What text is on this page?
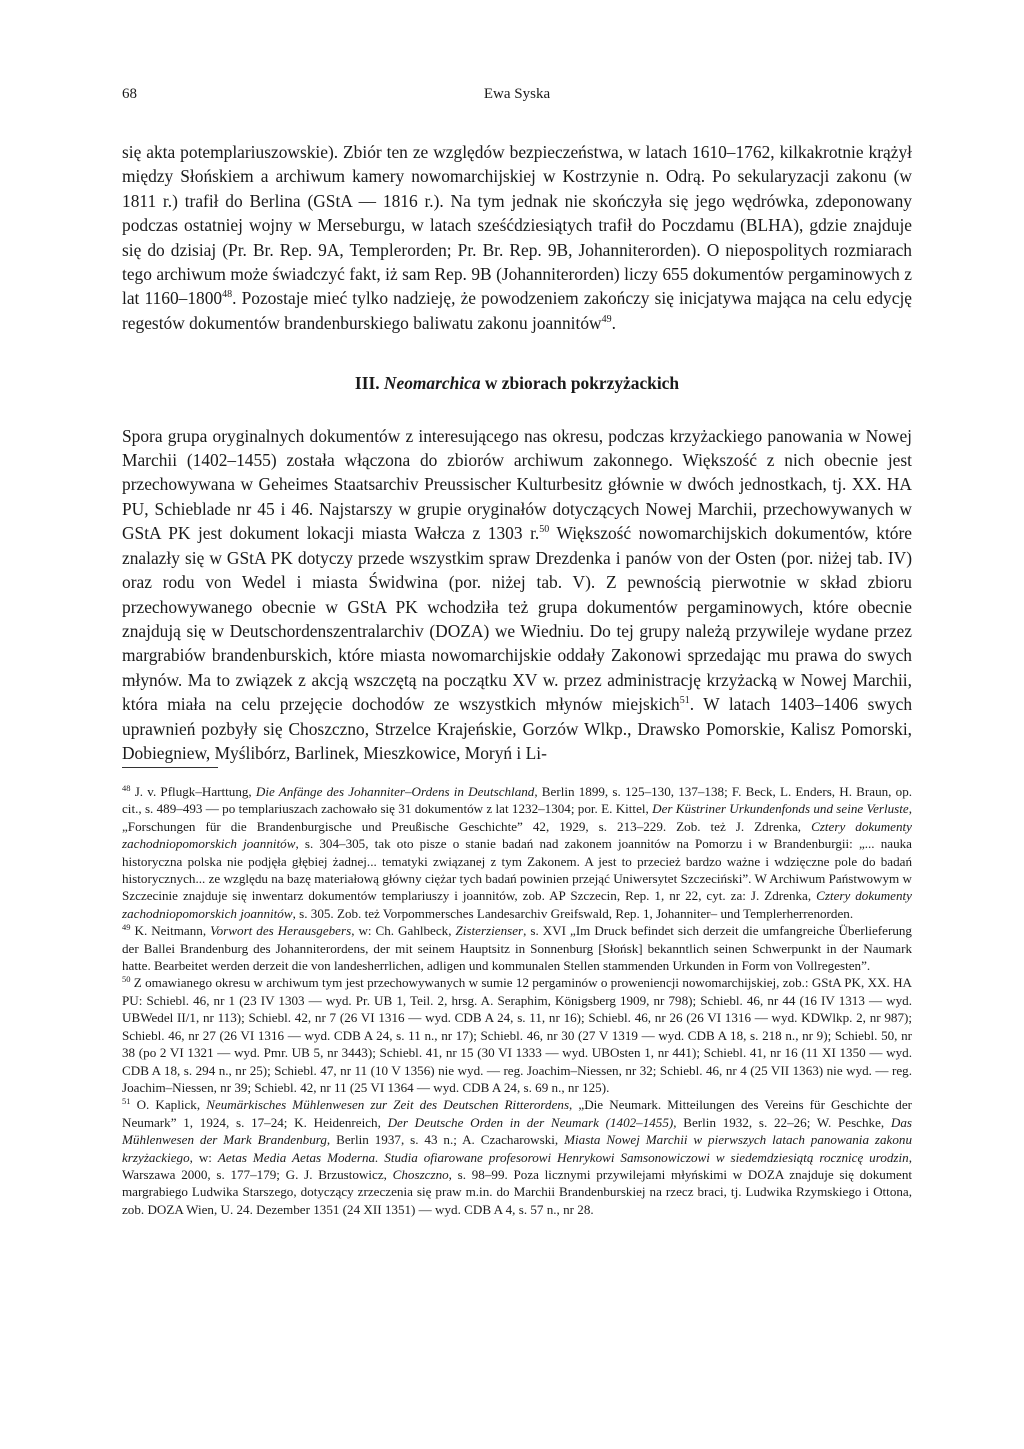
68	Ewa Syska

się akta potemplariuszowskie). Zbiór ten ze względów bezpieczeństwa, w latach 1610–1762, kilkakrotnie krążył między Słońskiem a archiwum kamery nowomarchijskiej w Kostrzynie n. Odrą. Po sekularyzacji zakonu (w 1811 r.) trafił do Berlina (GStA — 1816 r.). Na tym jednak nie skończyła się jego wędrówka, zdeponowany podczas ostatniej wojny w Merseburgu, w latach sześćdziesiątych trafił do Poczdamu (BLHA), gdzie znajduje się do dzisiaj (Pr. Br. Rep. 9A, Templerorden; Pr. Br. Rep. 9B, Johanniterorden). O niepospolitych rozmiarach tego archiwum może świadczyć fakt, iż sam Rep. 9B (Johanniterorden) liczy 655 dokumentów pergaminowych z lat 1160–1800$^{48}$. Pozostaje mieć tylko nadzieję, że powodzeniem zakończy się inicjatywa mająca na celu edycję regestów dokumentów brandenburskiego baliwatu zakonu joannitów$^{49}$.

III. Neomarchica w zbiorach pokrzyżackich

Spora grupa oryginalnych dokumentów z interesującego nas okresu, podczas krzyżackiego panowania w Nowej Marchii (1402–1455) została włączona do zbiorów archiwum zakonnego. Większość z nich obecnie jest przechowywana w Geheimes Staatsarchiv Preussischer Kulturbesitz głównie w dwóch jednostkach, tj. XX. HA PU, Schieblade nr 45 i 46. Najstarszy w grupie oryginałów dotyczących Nowej Marchii, przechowywanych w GStA PK jest dokument lokacji miasta Wałcza z 1303 r.$^{50}$ Większość nowomarchijskich dokumentów, które znalazły się w GStA PK dotyczy przede wszystkim spraw Drezdenka i panów von der Osten (por. niżej tab. IV) oraz rodu von Wedel i miasta Świdwina (por. niżej tab. V). Z pewnością pierwotnie w skład zbioru przechowywanego obecnie w GStA PK wchodziła też grupa dokumentów pergaminowych, które obecnie znajdują się w Deutschordenszentralarchiv (DOZA) we Wiedniu. Do tej grupy należą przywileje wydane przez margrabiów brandenburskich, które miasta nowomarchijskie oddały Zakonowi sprzedając mu prawa do swych młynów. Ma to związek z akcją wszczętą na początku XV w. przez administrację krzyżacką w Nowej Marchii, która miała na celu przejęcie dochodów ze wszystkich młynów miejskich$^{51}$. W latach 1403–1406 swych uprawnień pozbyły się Choszczno, Strzelce Krajeńskie, Gorzów Wlkp., Drawsko Pomorskie, Kalisz Pomorski, Dobiegniew, Myślibórz, Barlinek, Mieszkowice, Moryń i Li-

$^{48}$ J. v. Pflugk–Harttung, Die Anfänge des Johanniter–Ordens in Deutschland, Berlin 1899, s. 125–130, 137–138; F. Beck, L. Enders, H. Braun, op. cit., s. 489–493 — po templariuszach zachowało się 31 dokumentów z lat 1232–1304; por. E. Kittel, Der Küstriner Urkundenfonds und seine Verluste, „Forschungen für die Brandenburgische und Preußische Geschichte” 42, 1929, s. 213–229. Zob. też J. Zdrenka, Cztery dokumenty zachodniopomorskich joannitów, s. 304–305, tak oto pisze o stanie badań nad zakonem joannitów na Pomorzu i w Brandenburgii: „... nauka historyczna polska nie podjęła głębiej żadnej... tematyki związanej z tym Zakonem. A jest to przecież bardzo ważne i wdzięczne pole do badań historycznych... ze względu na bazę materiałową główny ciężar tych badań powinien przejąć Uniwersytet Szczeciński”. W Archiwum Państwowym w Szczecinie znajduje się inwentarz dokumentów templariuszy i joannitów, zob. AP Szczecin, Rep. 1, nr 22, cyt. za: J. Zdrenka, Cztery dokumenty zachodniopomorskich joannitów, s. 305. Zob. też Vorpommersches Landesarchiv Greifswald, Rep. 1, Johanniter– und Templerherrenorden.

$^{49}$ K. Neitmann, Vorwort des Herausgebers, w: Ch. Gahlbeck, Zisterzienser, s. XVI „Im Druck befindet sich derzeit die umfangreiche Überlieferung der Ballei Brandenburg des Johanniterordens, der mit seinem Hauptsitz in Sonnenburg [Słońsk] bekanntlich seinen Schwerpunkt in der Naumark hatte. Bearbeitet werden derzeit die von landesherrlichen, adligen und kommunalen Stellen stammenden Urkunden in Form von Vollregesten”.

$^{50}$ Z omawianego okresu w archiwum tym jest przechowywanych w sumie 12 pergaminów o proweniencji nowomarchijskiej, zob.: GStA PK, XX. HA PU: Schiebl. 46, nr 1 (23 IV 1303 — wyd. Pr. UB 1, Teil. 2, hrsg. A. Seraphim, Königsberg 1909, nr 798); Schiebl. 46, nr 44 (16 IV 1313 — wyd. UBWedel II/1, nr 113); Schiebl. 42, nr 7 (26 VI 1316 — wyd. CDB A 24, s. 11, nr 16); Schiebl. 46, nr 26 (26 VI 1316 — wyd. KDWlkp. 2, nr 987); Schiebl. 46, nr 27 (26 VI 1316 — wyd. CDB A 24, s. 11 n., nr 17); Schiebl. 46, nr 30 (27 V 1319 — wyd. CDB A 18, s. 218 n., nr 9); Schiebl. 50, nr 38 (po 2 VI 1321 — wyd. Pmr. UB 5, nr 3443); Schiebl. 41, nr 15 (30 VI 1333 — wyd. UBOsten 1, nr 441); Schiebl. 41, nr 16 (11 XI 1350 — wyd. CDB A 18, s. 294 n., nr 25); Schiebl. 47, nr 11 (10 V 1356) nie wyd. — reg. Joachim–Niessen, nr 32; Schiebl. 46, nr 4 (25 VII 1363) nie wyd. — reg. Joachim–Niessen, nr 39; Schiebl. 42, nr 11 (25 VI 1364 — wyd. CDB A 24, s. 69 n., nr 125).

$^{51}$ O. Kaplick, Neumärkisches Mühlenwesen zur Zeit des Deutschen Ritterordens, „Die Neumark. Mitteilungen des Vereins für Geschichte der Neumark” 1, 1924, s. 17–24; K. Heidenreich, Der Deutsche Orden in der Neumark (1402–1455), Berlin 1932, s. 22–26; W. Peschke, Das Mühlenwesen der Mark Brandenburg, Berlin 1937, s. 43 n.; A. Czacharowski, Miasta Nowej Marchii w pierwszych latach panowania zakonu krzyżackiego, w: Aetas Media Aetas Moderna. Studia ofiarowane profesorowi Henrykowi Samsonowiczowi w siedemdziesiątą rocznicę urodzin, Warszawa 2000, s. 177–179; G. J. Brzustowicz, Choszczno, s. 98–99. Poza licznymi przywilejami młyńskimi w DOZA znajduje się dokument margrabiego Ludwika Starszego, dotyczący zrzeczenia się praw m.in. do Marchii Brandenburskiej na rzecz braci, tj. Ludwika Rzymskiego i Ottona, zob. DOZA Wien, U. 24. Dezember 1351 (24 XII 1351) — wyd. CDB A 4, s. 57 n., nr 28.
